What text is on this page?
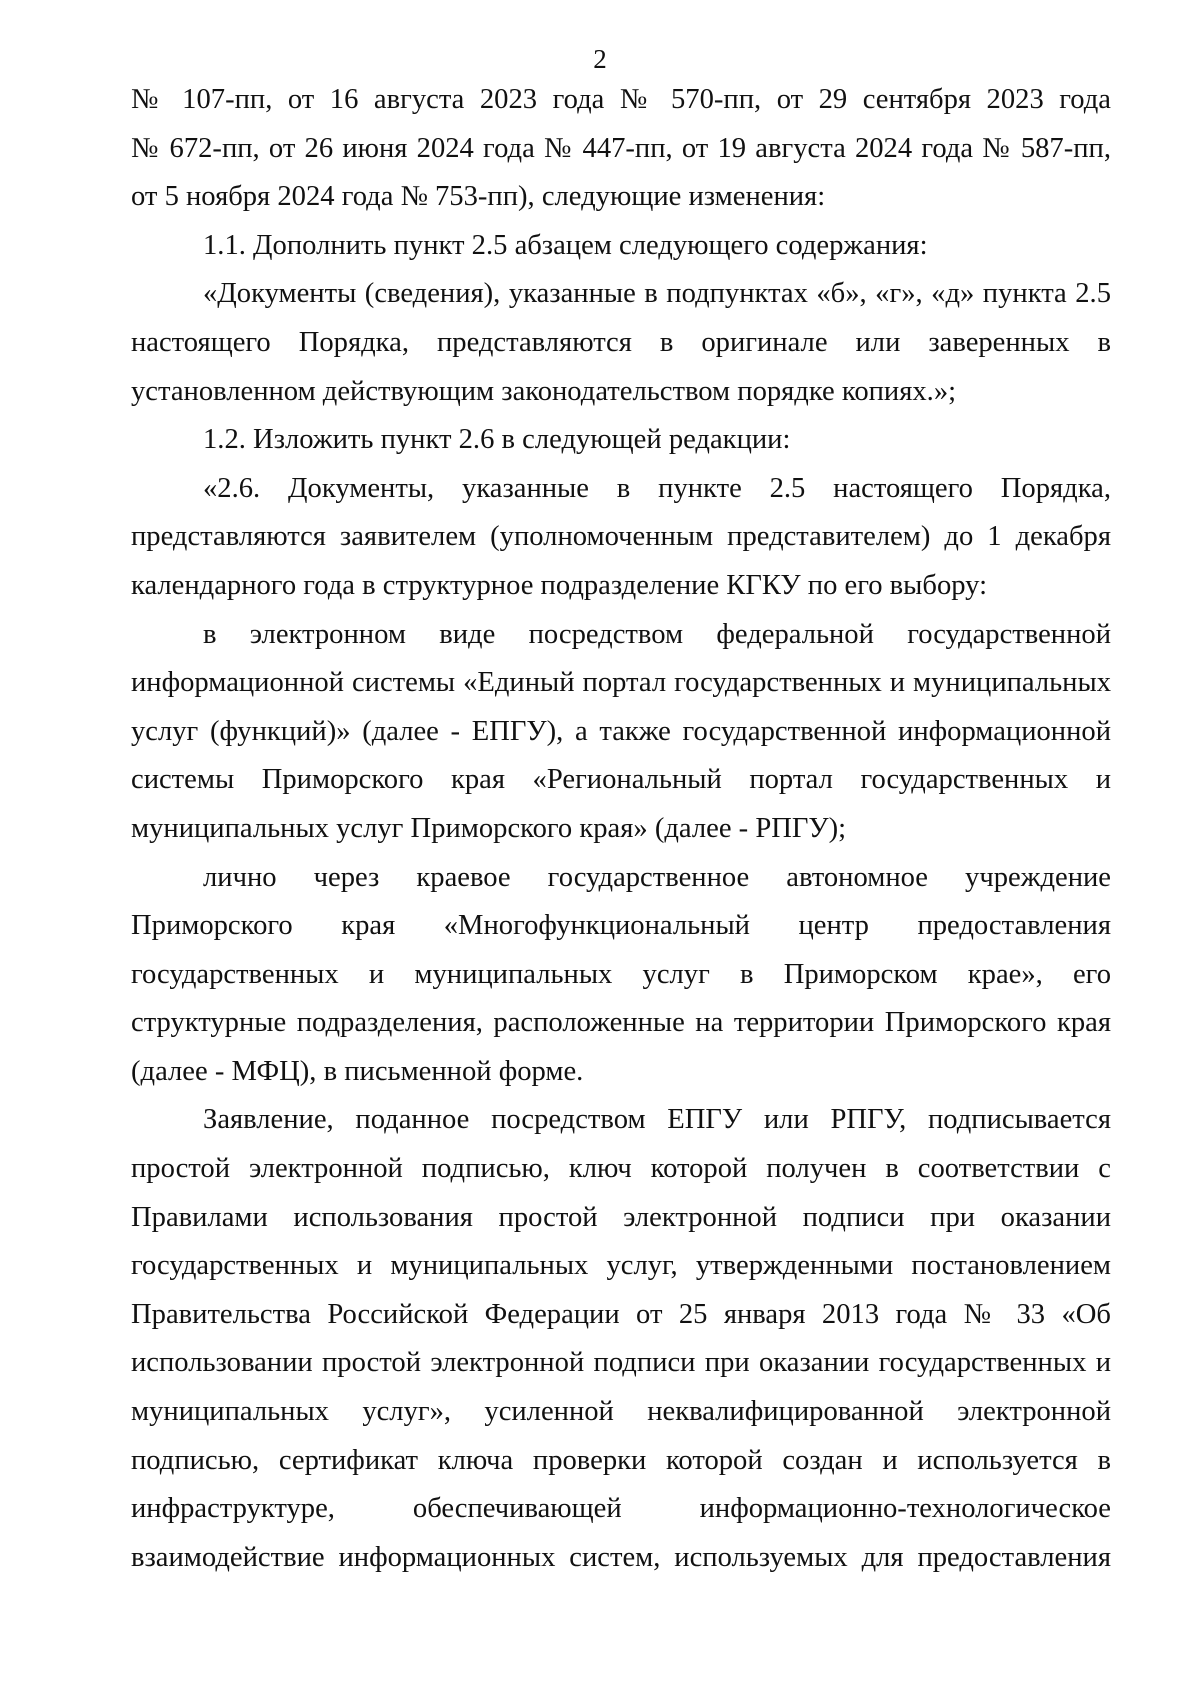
2
№ 107-пп, от 16 августа 2023 года № 570-пп, от 29 сентября 2023 года
№ 672-пп, от 26 июня 2024 года № 447-пп, от 19 августа 2024 года № 587-пп,
от 5 ноября 2024 года № 753-пп), следующие изменения:
1.1. Дополнить пункт 2.5 абзацем следующего содержания:
«Документы (сведения), указанные в подпунктах «б», «г», «д» пункта 2.5
настоящего Порядка, представляются в оригинале или заверенных в
установленном действующим законодательством порядке копиях.»;
1.2. Изложить пункт 2.6 в следующей редакции:
«2.6. Документы, указанные в пункте 2.5 настоящего Порядка,
представляются заявителем (уполномоченным представителем) до 1 декабря
календарного года в структурное подразделение КГКУ по его выбору:
в электронном виде посредством федеральной государственной
информационной системы «Единый портал государственных и муниципальных
услуг (функций)» (далее - ЕПГУ), а также государственной информационной
системы Приморского края «Региональный портал государственных и
муниципальных услуг Приморского края» (далее - РПГУ);
лично через краевое государственное автономное учреждение
Приморского края «Многофункциональный центр предоставления
государственных и муниципальных услуг в Приморском крае», его
структурные подразделения, расположенные на территории Приморского края
(далее - МФЦ), в письменной форме.
Заявление, поданное посредством ЕПГУ или РПГУ, подписывается
простой электронной подписью, ключ которой получен в соответствии с
Правилами использования простой электронной подписи при оказании
государственных и муниципальных услуг, утвержденными постановлением
Правительства Российской Федерации от 25 января 2013 года № 33 «Об
использовании простой электронной подписи при оказании государственных и
муниципальных услуг», усиленной неквалифицированной электронной
подписью, сертификат ключа проверки которой создан и используется в
инфраструктуре, обеспечивающей информационно-технологическое
взаимодействие информационных систем, используемых для предоставления
